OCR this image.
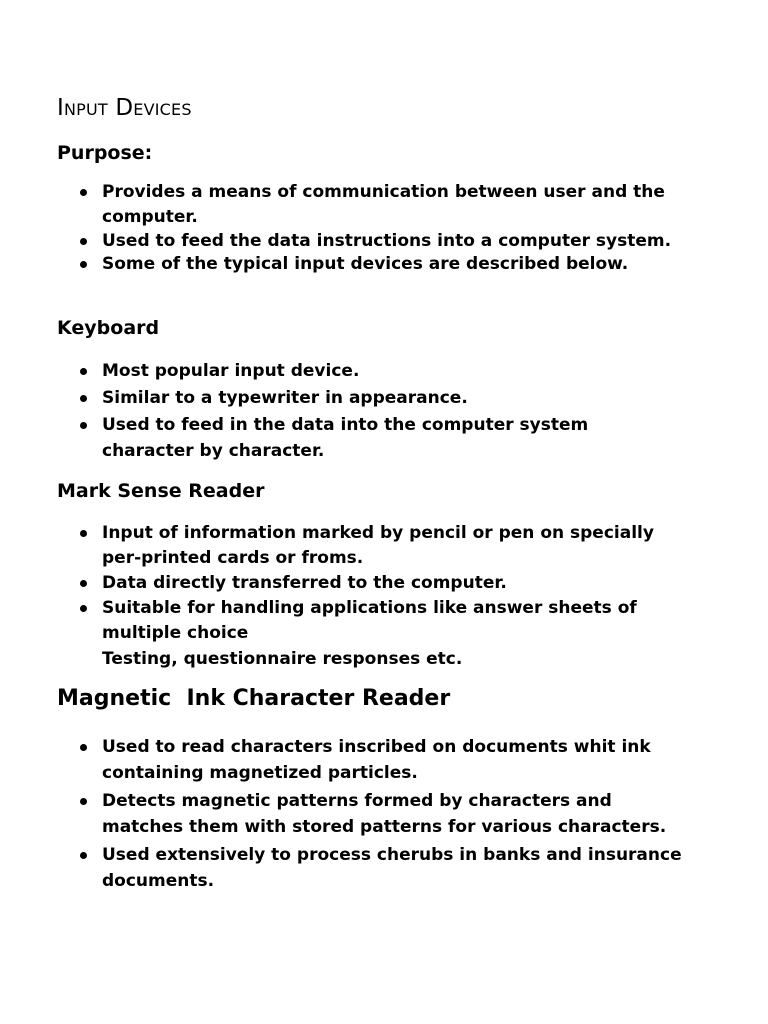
Input Devices
Purpose:
Provides a means of communication between user and the computer.
Used to feed the data instructions into a computer system.
Some of the typical input devices are described below.
Keyboard
Most popular input device.
Similar to a typewriter in appearance.
Used to feed in the data into the computer system character by character.
Mark Sense Reader
Input of information marked by pencil or pen on specially per-printed cards or froms.
Data directly transferred to the computer.
Suitable for handling applications like answer sheets of multiple choice

Testing, questionnaire responses etc.

Magnetic  Ink Character Reader
Used to read characters inscribed on documents whit ink containing magnetized particles.
Detects magnetic patterns formed by characters and matches them with stored patterns for various characters.
Used extensively to process cherubs in banks and insurance documents.
